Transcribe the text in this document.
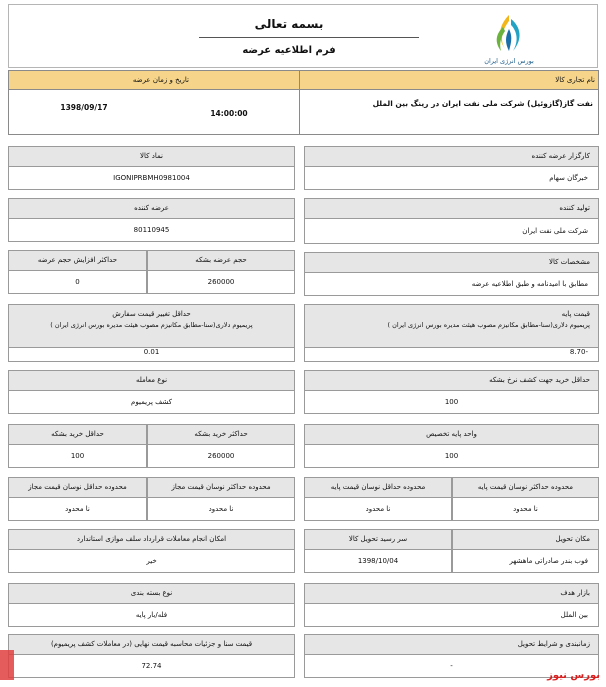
بسمه تعالی
فرم اطلاعیه عرضه
بورس انرژی ایران
نام تجاری کالا
تاریخ و زمان عرضه
نفت گاز(گازوئیل) شرکت ملی نفت ایران در رینگ بین الملل
14:00:00
1398/09/17
کارگزار عرضه کننده
خبرگان سهام
نماد کالا
IGONIPRBMH0981004
تولید کننده
شرکت ملی نفت ایران
عرضه کننده
80110945
مشخصات کالا
مطابق با امیدنامه و طبق اطلاعیه عرضه
حجم عرضه بشکه
260000
حداکثر افزایش حجم عرضه
0
قیمت پایه
پریمیوم دلاری(سنا-مطابق مکانیزم مصوب هیئت مدیره بورس انرژی ایران )
-8.70
حداقل تغییر قیمت سفارش
پریمیوم دلاری(سنا-مطابق مکانیزم مصوب هیئت مدیره بورس انرژی ایران )
0.01
حداقل خرید جهت کشف نرخ بشکه
100
نوع معامله
کشف پریمیوم
واحد پایه تخصیص
100
حداکثر خرید بشکه
260000
حداقل خرید بشکه
100
محدوده حداکثر نوسان قیمت پایه
نا محدود
محدوده حداقل نوسان قیمت پایه
نا محدود
محدوده حداکثر نوسان قیمت مجاز
نا محدود
محدوده حداقل نوسان قیمت مجاز
نا محدود
مکان تحویل
فوب بندر صادراتی ماهشهر
سر رسید تحویل کالا
1398/10/04
امکان انجام معاملات قرارداد سلف موازی استاندارد
خیر
بازار هدف
بین الملل
نوع بسته بندی
فله/بار پایه
زمانبندی و شرایط تحویل
-
قیمت سنا و جزئیات محاسبه قیمت نهایی (در معاملات کشف پریمیوم)
72.74
بورس نیوز
